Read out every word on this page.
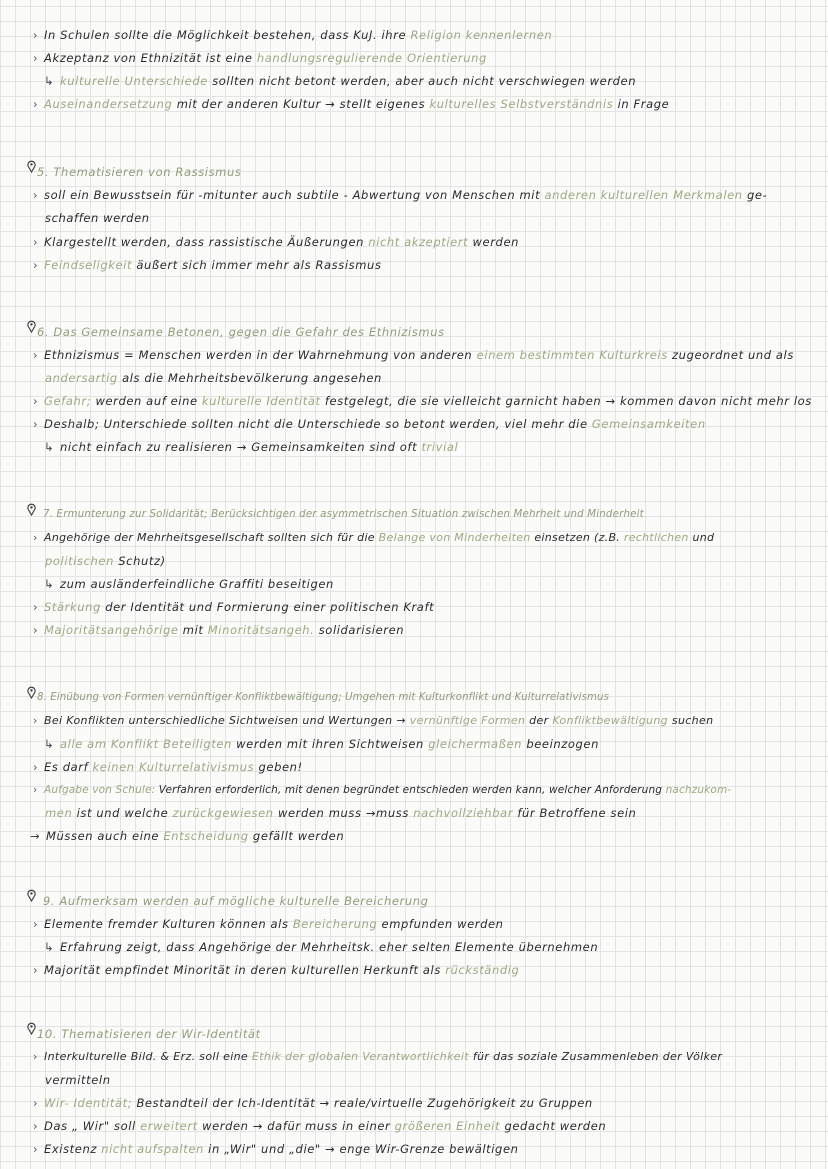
› In Schulen sollte die Möglichkeit bestehen, dass KuJ. ihre Religion kennenlernen
› Akzeptanz von Ethnizität ist eine handlungsregulierende Orientierung
↳ kulturelle Unterschiede sollten nicht betont werden, aber auch nicht verschwiegen werden
› Auseinandersetzung mit der anderen Kultur → stellt eigenes kulturelles Selbstverständnis in Frage
5. Thematisieren von Rassismus
› soll ein Bewusstsein für -mitunter auch subtile - Abwertung von Menschen mit anderen kulturellen Merkmalen ge-
schaffen werden
› Klargestellt werden, dass rassistische Äußerungen nicht akzeptiert werden
› Feindseligkeit äußert sich immer mehr als Rassismus
6. Das Gemeinsame Betonen, gegen die Gefahr des Ethnizismus
› Ethnizismus = Menschen werden in der Wahrnehmung von anderen einem bestimmten Kulturkreis zugeordnet und als
andersartig als die Mehrheitsbevölkerung angesehen
› Gefahr; werden auf eine kulturelle Identität festgelegt, die sie vielleicht garnicht haben → kommen davon nicht mehr los
› Deshalb; Unterschiede sollten nicht die Unterschiede so betont werden, viel mehr die Gemeinsamkeiten
↳ nicht einfach zu realisieren → Gemeinsamkeiten sind oft trivial
7. Ermunterung zur Solidarität; Berücksichtigen der asymmetrischen Situation zwischen Mehrheit und Minderheit
› Angehörige der Mehrheitsgesellschaft sollten sich für die Belange von Minderheiten einsetzen (z.B. rechtlichen und
politischen Schutz)
↳ zum ausländerfeindliche Graffiti beseitigen
› Stärkung der Identität und Formierung einer politischen Kraft
› Majoritätsangehörige mit Minoritätsangeh. solidarisieren
8. Einübung von Formen vernünftiger Konfliktbewältigung; Umgehen mit Kulturkonflikt und Kulturrelativismus
› Bei Konflikten unterschiedliche Sichtweisen und Wertungen → vernünftige Formen der Konfliktbewältigung suchen
↳ alle am Konflikt Beteiligten werden mit ihren Sichtweisen gleichermaßen beeinzogen
› Es darf keinen Kulturrelativismus geben!
› Aufgabe von Schule: Verfahren erforderlich, mit denen begründet entschieden werden kann, welcher Anforderung nachzukom-
men ist und welche zurückgewiesen werden muss →muss nachvollziehbar für Betroffene sein
→ Müssen auch eine Entscheidung gefällt werden
9. Aufmerksam werden auf mögliche kulturelle Bereicherung
› Elemente fremder Kulturen können als Bereicherung empfunden werden
↳ Erfahrung zeigt, dass Angehörige der Mehrheitsk. eher selten Elemente übernehmen
› Majorität empfindet Minorität in deren kulturellen Herkunft als rückständig
10. Thematisieren der Wir-Identität
› Interkulturelle Bild. & Erz. soll eine Ethik der globalen Verantwortlichkeit für das soziale Zusammenleben der Völker
vermitteln
› Wir- Identität; Bestandteil der Ich-Identität → reale/virtuelle Zugehörigkeit zu Gruppen
› Das „ Wir" soll erweitert werden → dafür muss in einer größeren Einheit gedacht werden
› Existenz nicht aufspalten in „Wir" und „die" → enge Wir-Grenze bewältigen
